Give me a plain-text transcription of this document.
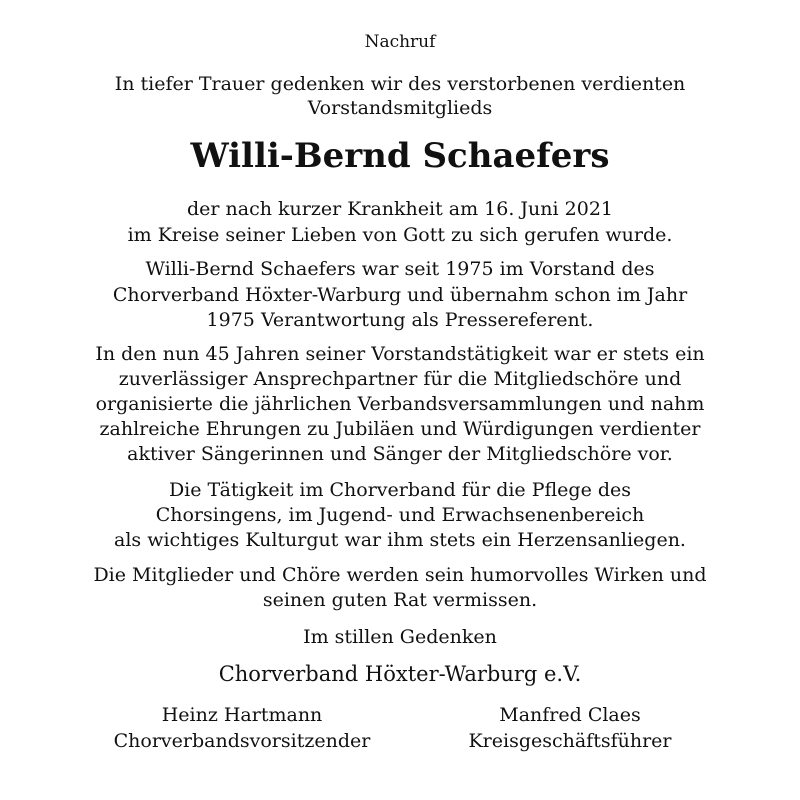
Nachruf
In tiefer Trauer gedenken wir des verstorbenen verdienten
Vorstandsmitglieds
Willi-Bernd Schaefers
der nach kurzer Krankheit am 16. Juni 2021
im Kreise seiner Lieben von Gott zu sich gerufen wurde.
Willi-Bernd Schaefers war seit 1975 im Vorstand des
Chorverband Höxter-Warburg und übernahm schon im Jahr
1975 Verantwortung als Pressereferent.
In den nun 45 Jahren seiner Vorstandstätigkeit war er stets ein
zuverlässiger Ansprechpartner für die Mitgliedschöre und
organisierte die jährlichen Verbandsversammlungen und nahm
zahlreiche Ehrungen zu Jubiläen und Würdigungen verdienter
aktiver Sängerinnen und Sänger der Mitgliedschöre vor.
Die Tätigkeit im Chorverband für die Pflege des
Chorsingens, im Jugend- und Erwachsenenbereich
als wichtiges Kulturgut war ihm stets ein Herzensanliegen.
Die Mitglieder und Chöre werden sein humorvolles Wirken und
seinen guten Rat vermissen.
Im stillen Gedenken
Chorverband Höxter-Warburg e.V.
Heinz Hartmann
Chorverbandsvorsitzender
Manfred Claes
Kreisgeschäftsführer
